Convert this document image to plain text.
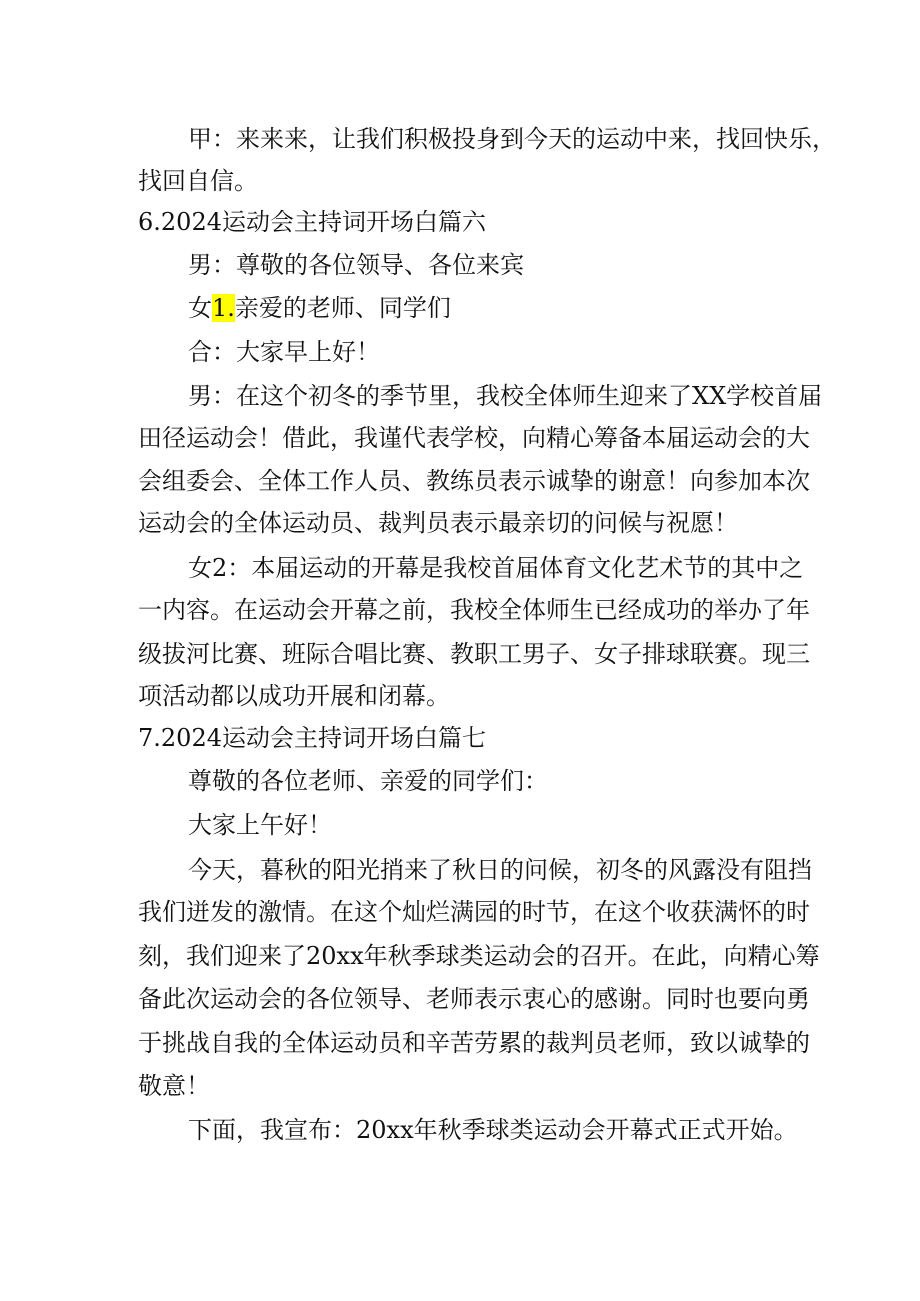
甲：来来来，让我们积极投身到今天的运动中来，找回快乐，
找回自信。
6.2024运动会主持词开场白篇六
男：尊敬的各位领导、各位来宾
女1.亲爱的老师、同学们
合：大家早上好！
男：在这个初冬的季节里，我校全体师生迎来了XX学校首届
田径运动会！借此，我谨代表学校，向精心筹备本届运动会的大
会组委会、全体工作人员、教练员表示诚挚的谢意！向参加本次
运动会的全体运动员、裁判员表示最亲切的问候与祝愿！
女2：本届运动的开幕是我校首届体育文化艺术节的其中之
一内容。在运动会开幕之前，我校全体师生已经成功的举办了年
级拔河比赛、班际合唱比赛、教职工男子、女子排球联赛。现三
项活动都以成功开展和闭幕。
7.2024运动会主持词开场白篇七
尊敬的各位老师、亲爱的同学们：
大家上午好！
今天，暮秋的阳光捎来了秋日的问候，初冬的风露没有阻挡
我们迸发的激情。在这个灿烂满园的时节，在这个收获满怀的时
刻，我们迎来了20xx年秋季球类运动会的召开。在此，向精心筹
备此次运动会的各位领导、老师表示衷心的感谢。同时也要向勇
于挑战自我的全体运动员和辛苦劳累的裁判员老师，致以诚挚的
敬意！
下面，我宣布：20xx年秋季球类运动会开幕式正式开始。
